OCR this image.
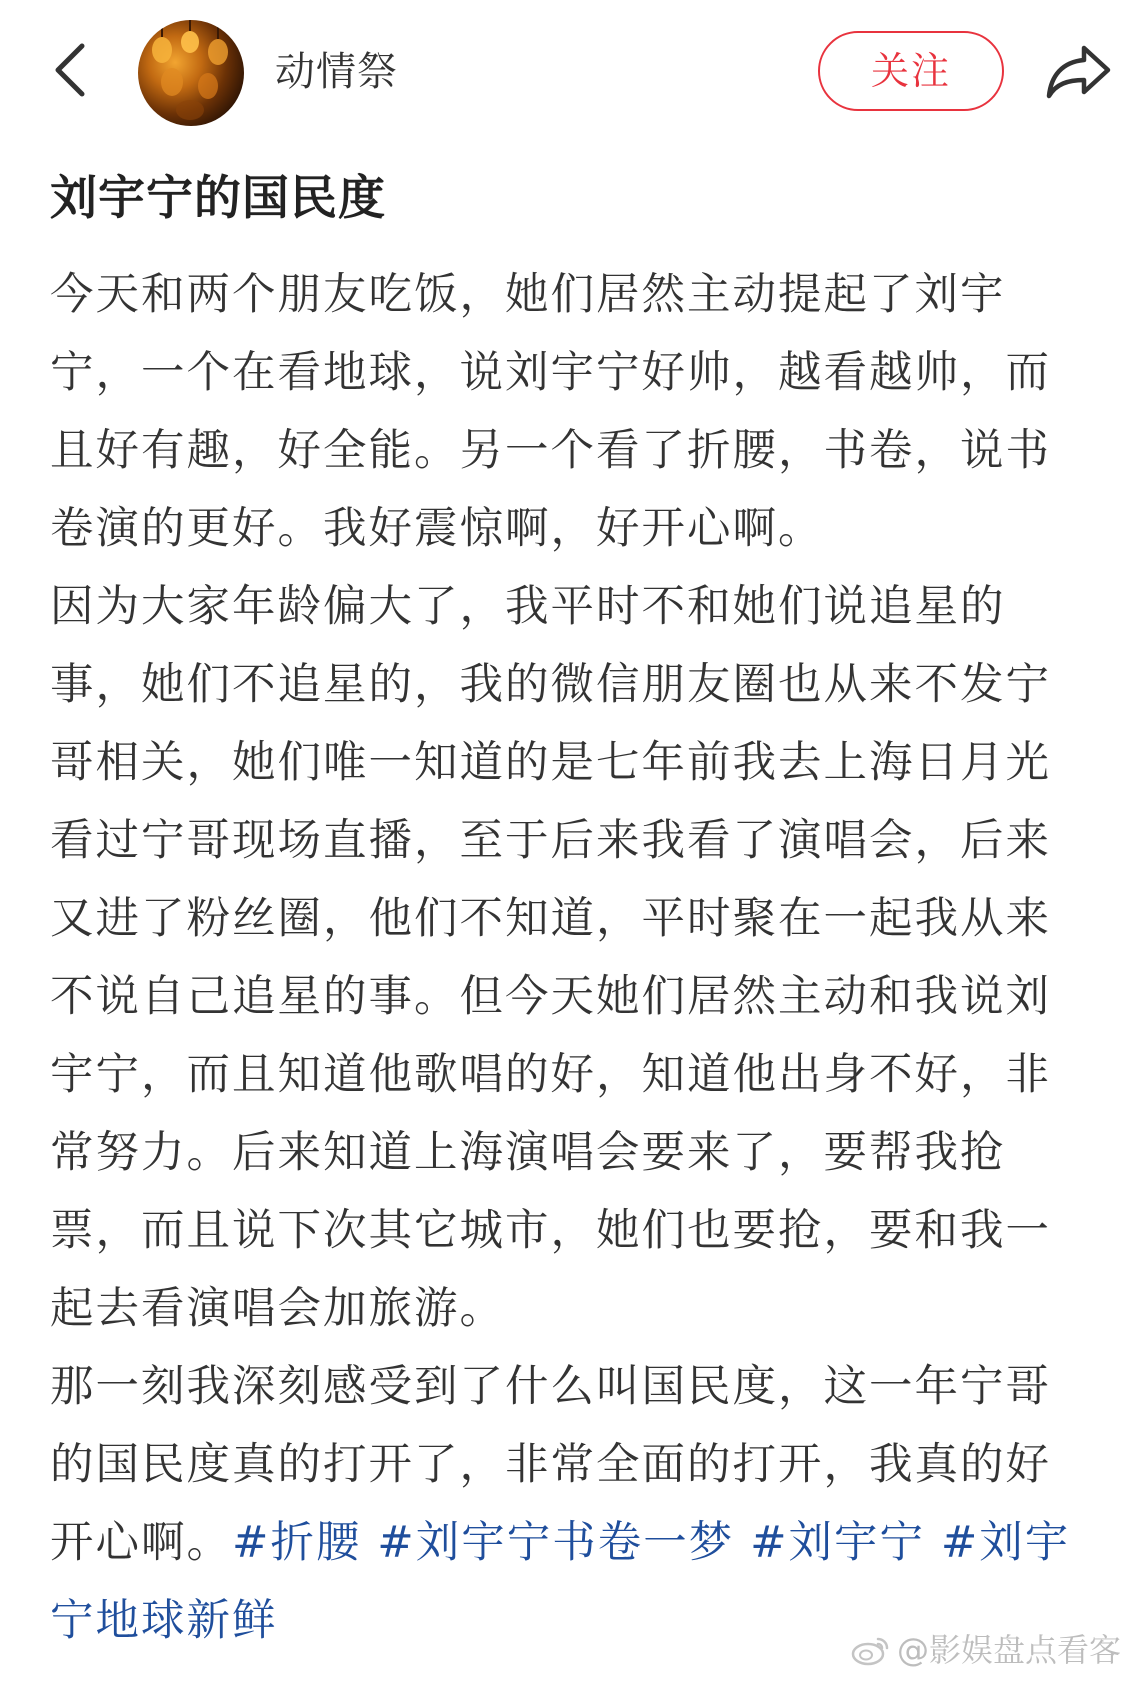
动情祭	关注
刘宇宁的国民度

今天和两个朋友吃饭，她们居然主动提起了刘宇宁，一个在看地球，说刘宇宁好帅，越看越帅，而且好有趣，好全能。另一个看了折腰，书卷，说书卷演的更好。我好震惊啊，好开心啊。

因为大家年龄偏大了，我平时不和她们说追星的事，她们不追星的，我的微信朋友圈也从来不发宁哥相关，她们唯一知道的是七年前我去上海日月光看过宁哥现场直播，至于后来我看了演唱会，后来又进了粉丝圈，他们不知道，平时聚在一起我从来不说自己追星的事。但今天她们居然主动和我说刘宇宁，而且知道他歌唱的好，知道他出身不好，非常努力。后来知道上海演唱会要来了，要帮我抢票，而且说下次其它城市，她们也要抢，要和我一起去看演唱会加旅游。

那一刻我深刻感受到了什么叫国民度，这一年宁哥的国民度真的打开了，非常全面的打开，我真的好开心啊。#折腰 #刘宇宁书卷一梦 #刘宇宁 #刘宇宁地球新鲜

@影娱盘点看客
